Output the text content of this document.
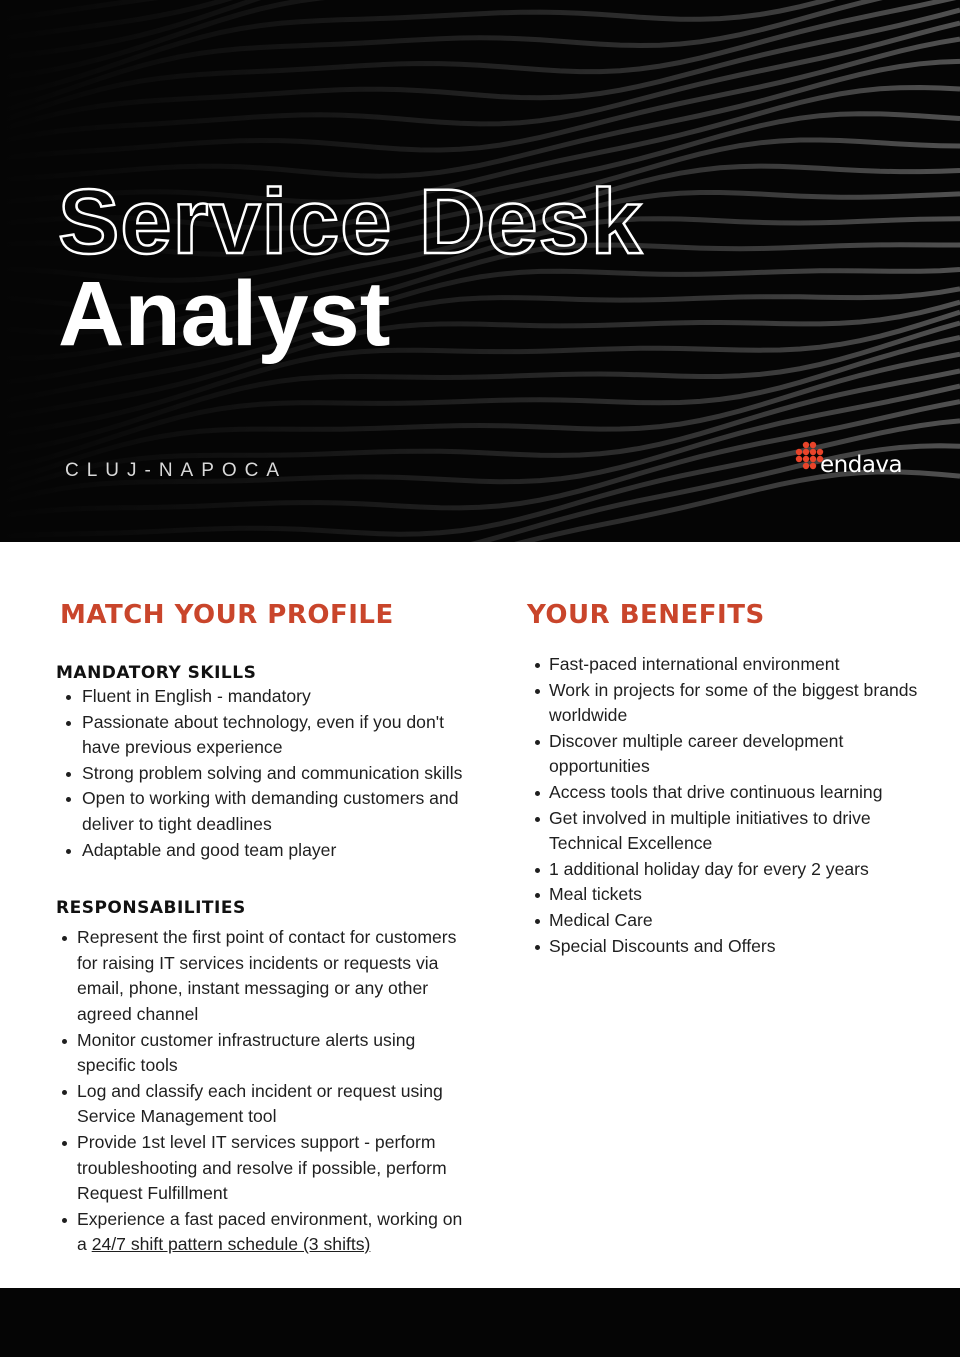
Service Desk
Analyst
CLUJ-NAPOCA	endava
MATCH YOUR PROFILE
MANDATORY SKILLS
Fluent in English - mandatory
Passionate about technology, even if you don't have previous experience
Strong problem solving and communication skills
Open to working with demanding customers and deliver to tight deadlines
Adaptable and good team player
RESPONSABILITIES
Represent the first point of contact for customers for raising IT services incidents or requests via email, phone, instant messaging or any other agreed channel
Monitor customer infrastructure alerts using specific tools
Log and classify each incident or request using Service Management tool
Provide 1st level IT services support - perform troubleshooting and resolve if possible, perform Request Fulfillment
Experience a fast paced environment, working on a 24/7 shift pattern schedule (3 shifts)
YOUR BENEFITS
Fast-paced international environment
Work in projects for some of the biggest brands worldwide
Discover multiple career development opportunities
Access tools that drive continuous learning
Get involved in multiple initiatives to drive Technical Excellence
1 additional holiday day for every 2 years
Meal tickets
Medical Care
Special Discounts and Offers
